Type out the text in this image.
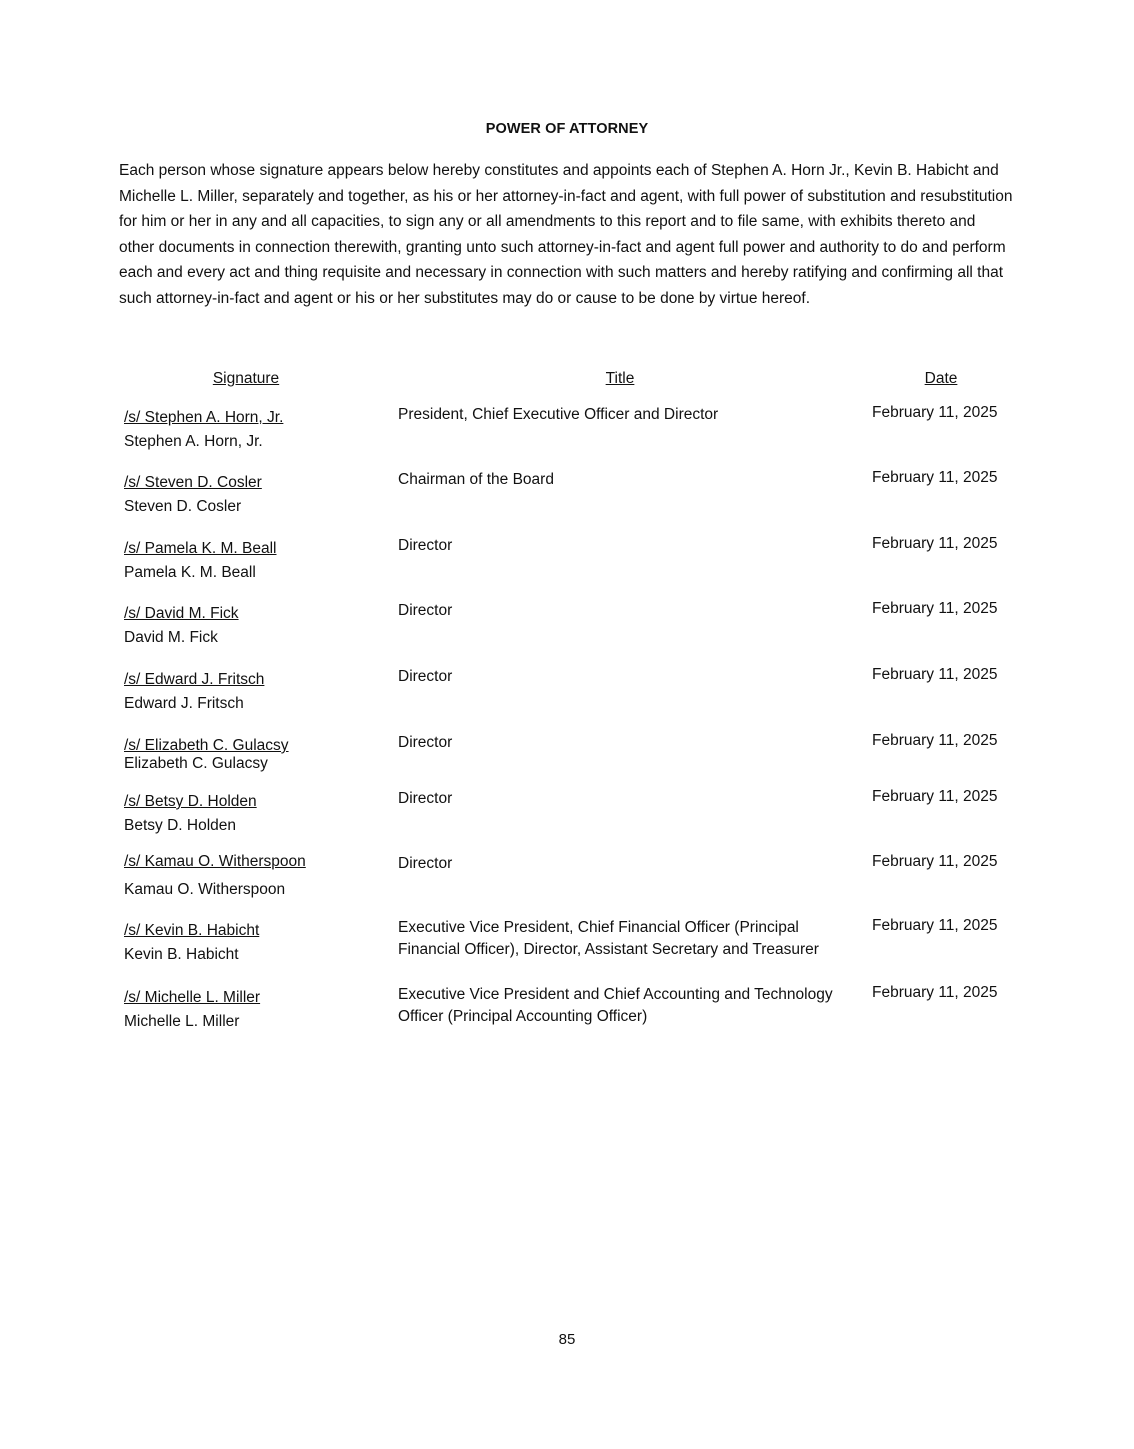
POWER OF ATTORNEY
Each person whose signature appears below hereby constitutes and appoints each of Stephen A. Horn Jr., Kevin B. Habicht and Michelle L. Miller, separately and together, as his or her attorney-in-fact and agent, with full power of substitution and resubstitution for him or her in any and all capacities, to sign any or all amendments to this report and to file same, with exhibits thereto and other documents in connection therewith, granting unto such attorney-in-fact and agent full power and authority to do and perform each and every act and thing requisite and necessary in connection with such matters and hereby ratifying and confirming all that such attorney-in-fact and agent or his or her substitutes may do or cause to be done by virtue hereof.
Signature	Title	Date
/s/ Stephen A. Horn, Jr.
Stephen A. Horn, Jr.
President, Chief Executive Officer and Director	February 11, 2025
/s/ Steven D. Cosler
Steven D. Cosler
Chairman of the Board	February 11, 2025
/s/ Pamela K. M. Beall
Pamela K. M. Beall
Director	February 11, 2025
/s/ David M. Fick
David M. Fick
Director	February 11, 2025
/s/ Edward J. Fritsch
Edward J. Fritsch
Director	February 11, 2025
/s/ Elizabeth C. Gulacsy
Elizabeth C. Gulacsy
Director	February 11, 2025
/s/ Betsy D. Holden
Betsy D. Holden
Director	February 11, 2025
/s/ Kamau O. Witherspoon
Kamau O. Witherspoon
Director	February 11, 2025
/s/ Kevin B. Habicht
Kevin B. Habicht
Executive Vice President, Chief Financial Officer (Principal Financial Officer), Director, Assistant Secretary and Treasurer
February 11, 2025
/s/ Michelle L. Miller
Michelle L. Miller
Executive Vice President and Chief Accounting and Technology Officer (Principal Accounting Officer)
February 11, 2025
85
